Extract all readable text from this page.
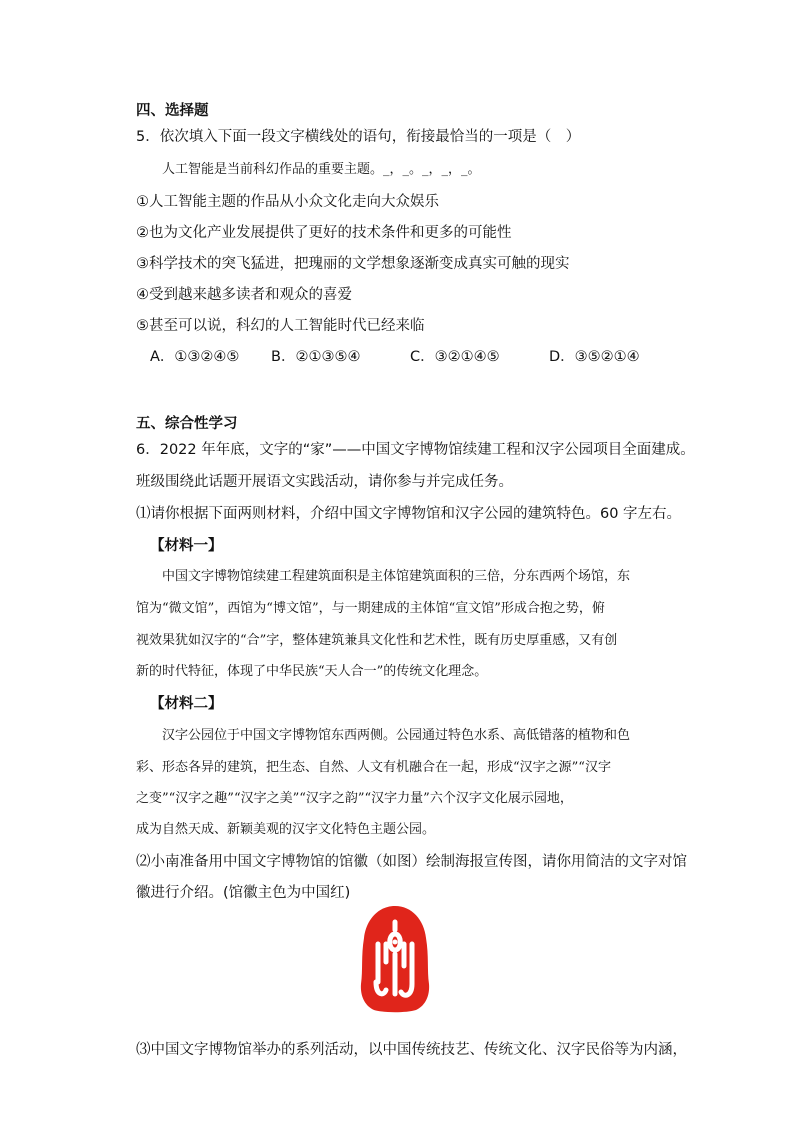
四、选择题
5．依次填入下面一段文字横线处的语句，衔接最恰当的一项是（　）
人工智能是当前科幻作品的重要主题。_，_。_，_，_。
①人工智能主题的作品从小众文化走向大众娱乐
②也为文化产业发展提供了更好的技术条件和更多的可能性
③科学技术的突飞猛进，把瑰丽的文学想象逐渐变成真实可触的现实
④受到越来越多读者和观众的喜爱
⑤甚至可以说，科幻的人工智能时代已经来临
A．①③②④⑤ B．②①③⑤④	C．③②①④⑤	D．③⑤②①④
五、综合性学习
6．2022 年年底，文字的“家”——中国文字博物馆续建工程和汉字公园项目全面建成。
班级围绕此话题开展语文实践活动，请你参与并完成任务。
⑴请你根据下面两则材料，介绍中国文字博物馆和汉字公园的建筑特色。60 字左右。
【材料一】
中国文字博物馆续建工程建筑面积是主体馆建筑面积的三倍，分东西两个场馆，东
馆为“微文馆”，西馆为“博文馆”，与一期建成的主体馆“宣文馆”形成合抱之势，俯
视效果犹如汉字的“合”字，整体建筑兼具文化性和艺术性，既有历史厚重感，又有创
新的时代特征，体现了中华民族“天人合一”的传统文化理念。
【材料二】
汉字公园位于中国文字博物馆东西两侧。公园通过特色水系、高低错落的植物和色
彩、形态各异的建筑，把生态、自然、人文有机融合在一起，形成“汉字之源”“汉字
之变”“汉字之趣”“汉字之美”“汉字之韵”“汉字力量”六个汉字文化展示园地，
成为自然天成、新颖美观的汉字文化特色主题公园。
⑵小南准备用中国文字博物馆的馆徽（如图）绘制海报宣传图，请你用简洁的文字对馆
徽进行介绍。(馆徽主色为中国红)
⑶中国文字博物馆举办的系列活动，以中国传统技艺、传统文化、汉字民俗等为内涵，
